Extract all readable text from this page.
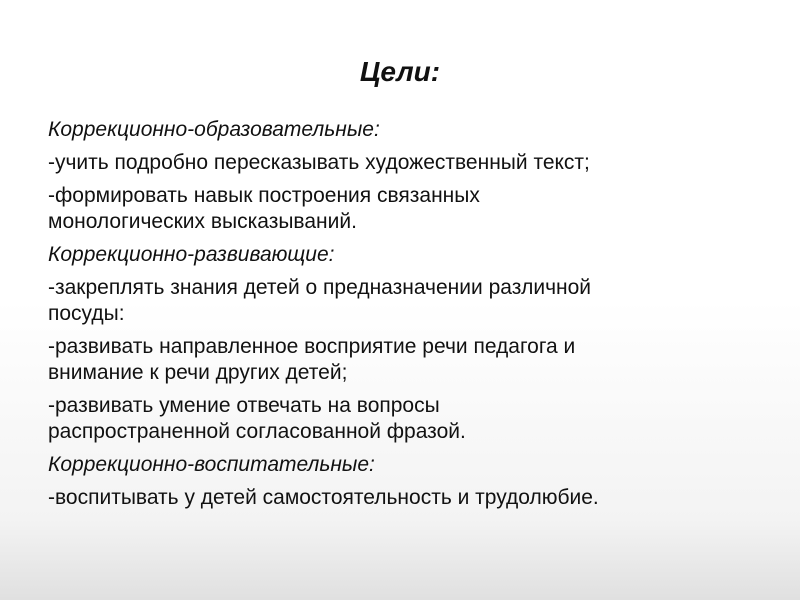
Цели:

Коррекционно-образовательные:

-учить подробно пересказывать художественный текст;

-формировать навык построения связанных
монологических высказываний.

Коррекционно-развивающие:

-закреплять знания детей о предназначении различной
посуды:

-развивать направленное восприятие речи педагога и
внимание к речи других детей;

-развивать умение отвечать на вопросы
распространенной согласованной фразой.

Коррекционно-воспитательные:

-воспитывать у детей самостоятельность и трудолюбие.
